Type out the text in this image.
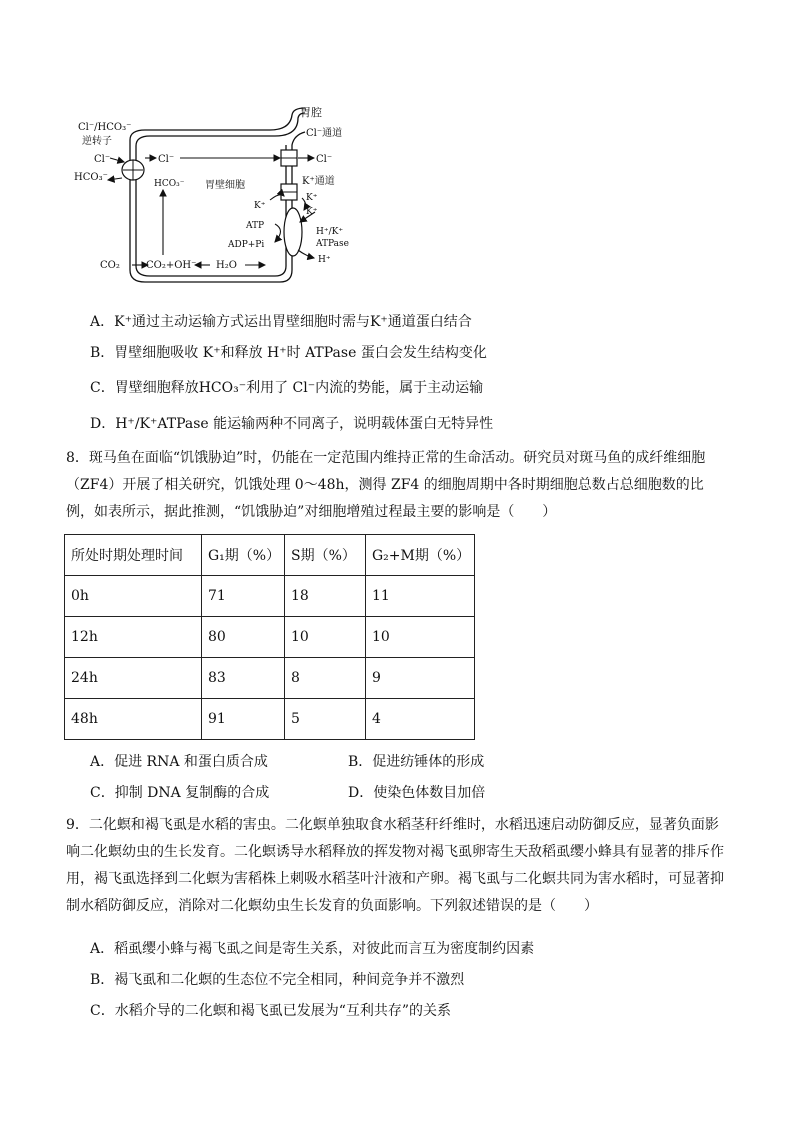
胃腔
Cl⁻/HCO₃⁻
逆转子
Cl⁻
HCO₃⁻
Cl⁻
HCO₃⁻ 胃壁细胞
Cl⁻通道
Cl⁻
K⁺通道
K⁺
K⁺
K⁺
ATP
ADP+Pi
H⁺/K⁺
ATPase
H⁺
CO₂	CO₂+OH⁻ H₂O
A．K⁺通过主动运输方式运出胃壁细胞时需与K⁺通道蛋白结合
B．胃壁细胞吸收 K⁺和释放 H⁺时 ATPase 蛋白会发生结构变化
C．胃壁细胞释放HCO₃⁻利用了 Cl⁻内流的势能，属于主动运输
D．H⁺/K⁺ATPase 能运输两种不同离子，说明载体蛋白无特异性
8．斑马鱼在面临“饥饿胁迫”时，仍能在一定范围内维持正常的生命活动。研究员对斑马鱼的成纤维细胞（ZF4）开展了相关研究，饥饿处理 0～48h，测得 ZF4 的细胞周期中各时期细胞总数占总细胞数的比例，如表所示，据此推测，“饥饿胁迫”对细胞增殖过程最主要的影响是（　　）
所处时期处理时间	G₁期（%）	S期（%）	G₂+M期（%）
0h	71	18	11
12h	80	10	10
24h	83	8	9
48h	91	5	4
A．促进 RNA 和蛋白质合成	B．促进纺锤体的形成
C．抑制 DNA 复制酶的合成	D．使染色体数目加倍
9．二化螟和褐飞虱是水稻的害虫。二化螟单独取食水稻茎秆纤维时，水稻迅速启动防御反应，显著负面影响二化螟幼虫的生长发育。二化螟诱导水稻释放的挥发物对褐飞虱卵寄生天敌稻虱缨小蜂具有显著的排斥作用，褐飞虱选择到二化螟为害稻株上刺吸水稻茎叶汁液和产卵。褐飞虱与二化螟共同为害水稻时，可显著抑制水稻防御反应，消除对二化螟幼虫生长发育的负面影响。下列叙述错误的是（　　）
A．稻虱缨小蜂与褐飞虱之间是寄生关系，对彼此而言互为密度制约因素
B．褐飞虱和二化螟的生态位不完全相同，种间竞争并不激烈
C．水稻介导的二化螟和褐飞虱已发展为“互利共存”的关系
